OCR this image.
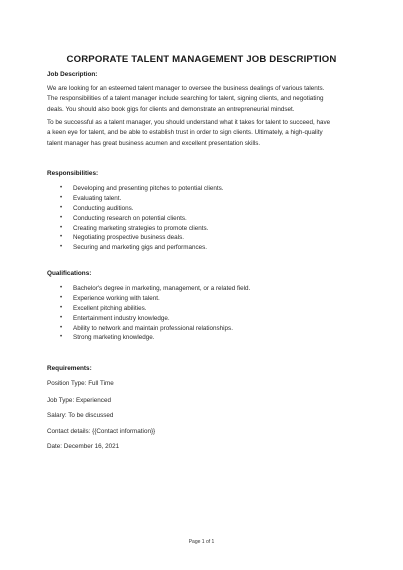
CORPORATE TALENT MANAGEMENT JOB DESCRIPTION
Job Description:
We are looking for an esteemed talent manager to oversee the business dealings of various talents.
The responsibilities of a talent manager include searching for talent, signing clients, and negotiating
deals. You should also book gigs for clients and demonstrate an entrepreneurial mindset.
To be successful as a talent manager, you should understand what it takes for talent to succeed, have
a keen eye for talent, and be able to establish trust in order to sign clients. Ultimately, a high-quality
talent manager has great business acumen and excellent presentation skills.
Responsibilities:
• Developing and presenting pitches to potential clients.
• Evaluating talent.
• Conducting auditions.
• Conducting research on potential clients.
• Creating marketing strategies to promote clients.
• Negotiating prospective business deals.
• Securing and marketing gigs and performances.
Qualifications:
• Bachelor's degree in marketing, management, or a related field.
• Experience working with talent.
• Excellent pitching abilities.
• Entertainment industry knowledge.
• Ability to network and maintain professional relationships.
• Strong marketing knowledge.
Requirements:
Position Type: Full Time
Job Type: Experienced
Salary: To be discussed
Contact details: {{Contact information}}
Date: December 16, 2021
Page 1 of 1
